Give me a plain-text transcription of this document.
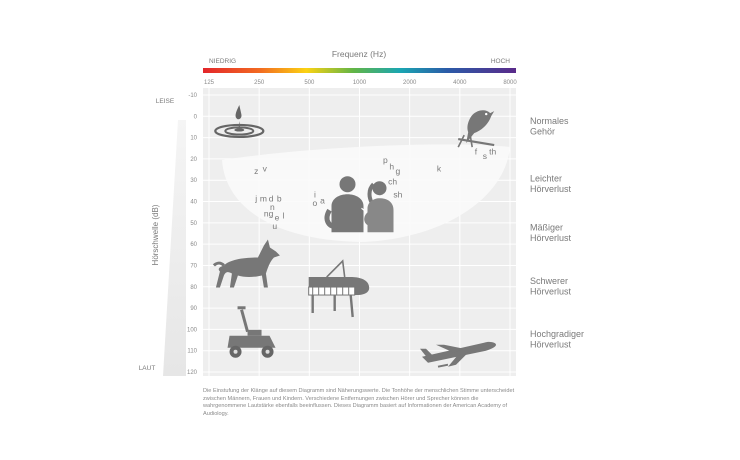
Frequenz (Hz)
NIEDRIG	HOCH
125	250	500	1000	2000	4000	8000
-10
0
10
20
30
40
50
60
70
80
90
100
110
120
z v
j m d b
n
ng e l
u
i
o a
p
h g
ch
sh
k
f s th
Normales Gehör
Leichter Hörverlust
Mäßiger Hörverlust
Schwerer Hörverlust
Hochgradiger Hörverlust
LEISE
LAUT
Hörschwelle (dB)
Die Einstufung der Klänge auf diesem Diagramm sind Näherungswerte. Die Tonhöhe der menschlichen Stimme unterscheidet zwischen Männern, Frauen und Kindern. Verschiedene Entfernungen zwischen Hörer und Sprecher können die wahrgenommene Lautstärke ebenfalls beeinflussen. Dieses Diagramm basiert auf Informationen der American Academy of Audiology.
